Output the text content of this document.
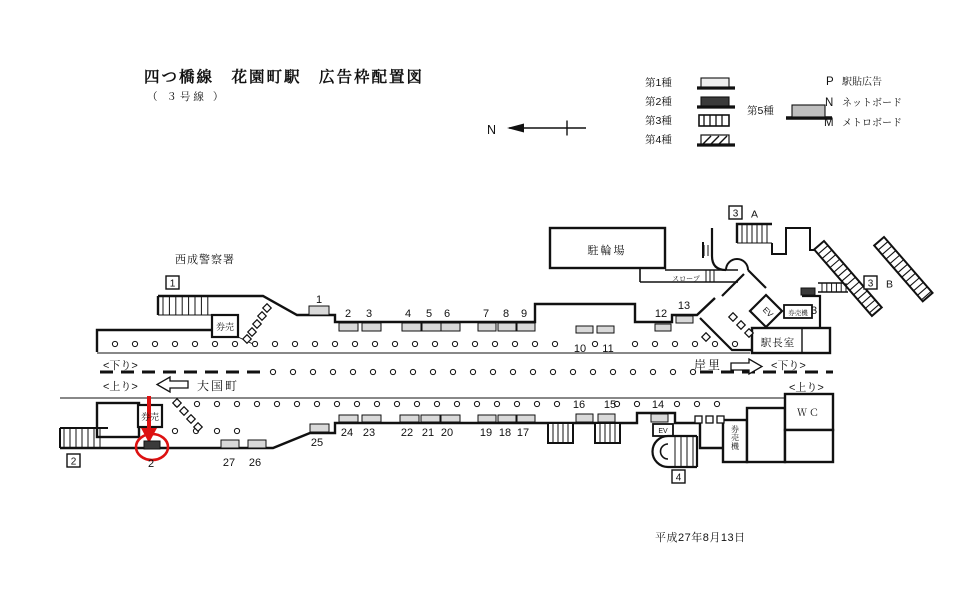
四つ橋線　花園町駅　広告枠配置図
（ ３号線 ）
N
第1種
第2種
第3種
第4種
第5種
P 駅貼広告
N ネットボード
M メトロボード
1
2 3	4 5 6	7 8 9
10 11
12
13	3
25
24 23 22 21 20 19 18 17
16 15	14
27 26
2
1
2
3 A
3 B
4
西成警察署
駐輪場
スロープ
券売
券売
券売機
駅長室
ＷＣ
券売機
EV
EV
<下り>
<上り>	大国町
岸里	<下り>
<上り>
平成27年8月13日
